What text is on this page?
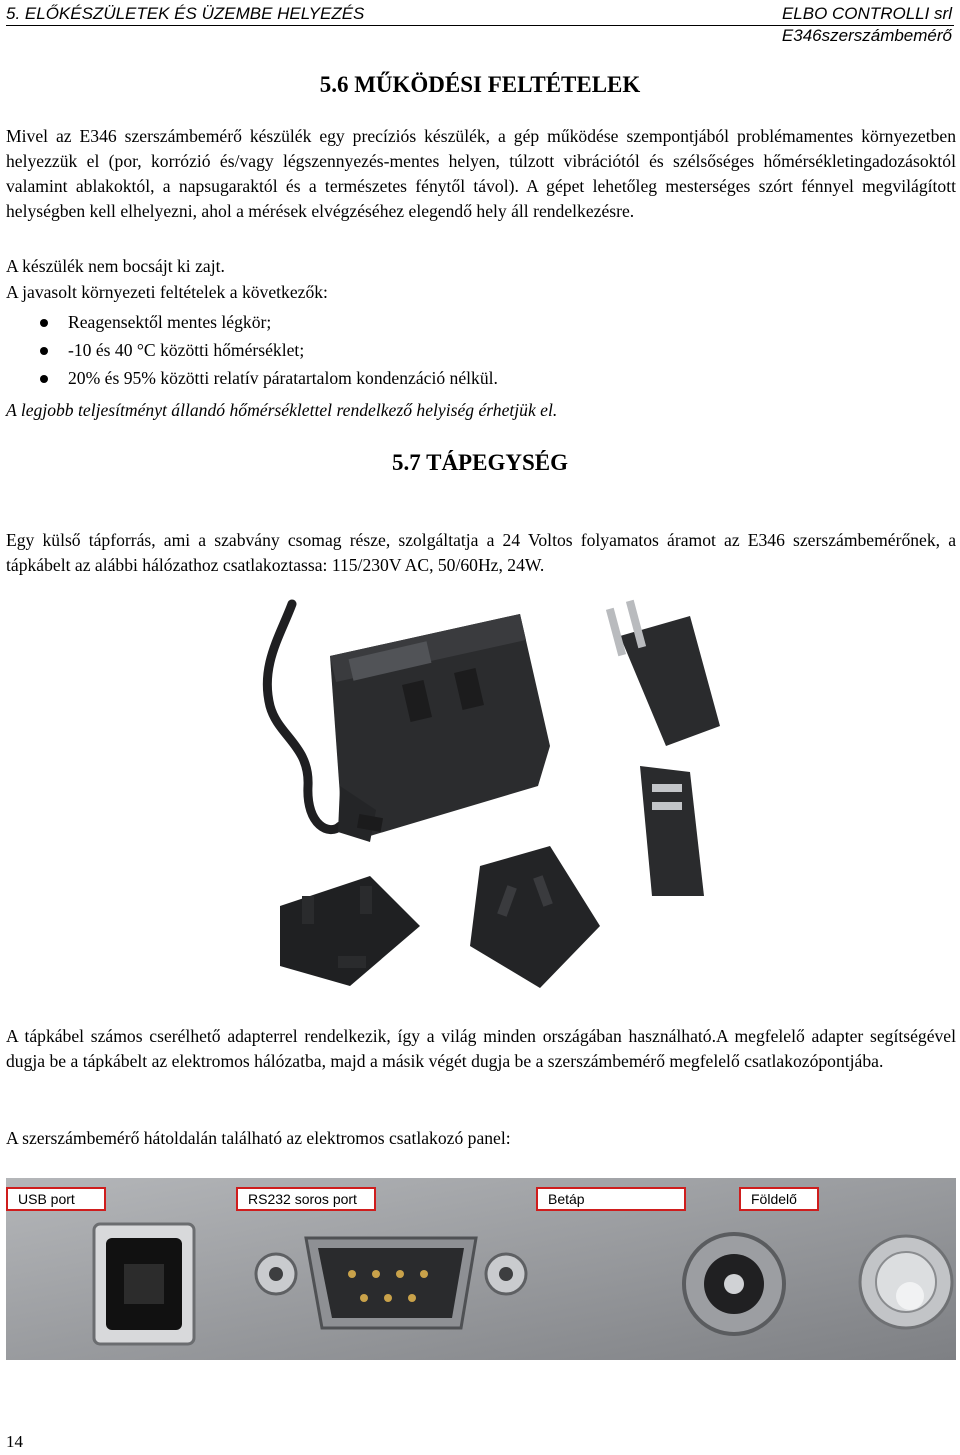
5. ELŐKÉSZÜLETEK ÉS ÜZEMBE HELYEZÉS	ELBO CONTROLLI srl
E346szerszámbemérő
5.6 MŰKÖDÉSI FELTÉTELEK
Mivel az E346 szerszámbemérő készülék egy precíziós készülék, a gép működése szempontjából problémamentes környezetben helyezzük el (por, korrózió és/vagy légszennyezés-mentes helyen, túlzott vibrációtól és szélsőséges hőmérsékletingadozásoktól valamint ablakoktól, a napsugaraktól és a természetes fénytől távol). A gépet lehetőleg mesterséges szórt fénnyel megvilágított helységben kell elhelyezni, ahol a mérések elvégzéséhez elegendő hely áll rendelkezésre.
A készülék nem bocsájt ki zajt.
A javasolt környezeti feltételek a következők:
Reagensektől mentes légkör;
-10 és 40 °C közötti hőmérséklet;
20% és 95% közötti relatív páratartalom kondenzáció nélkül.
A legjobb teljesítményt állandó hőmérséklettel rendelkező helyiség érhetjük el.
5.7 TÁPEGYSÉG
Egy külső tápforrás, ami a szabvány csomag része, szolgáltatja a 24 Voltos folyamatos áramot az E346 szerszámbemérőnek, a tápkábelt az alábbi hálózathoz csatlakoztassa: 115/230V AC, 50/60Hz, 24W.
A tápkábel számos cserélhető adapterrel rendelkezik, így a világ minden országában használható.A megfelelő adapter segítségével dugja be a tápkábelt az elektromos hálózatba, majd a másik végét dugja be a szerszámbemérő megfelelő csatlakozópontjába.
A szerszámbemérő hátoldalán található az elektromos csatlakozó panel:
USB port	RS232 soros port	Betáp	Földelő
14
